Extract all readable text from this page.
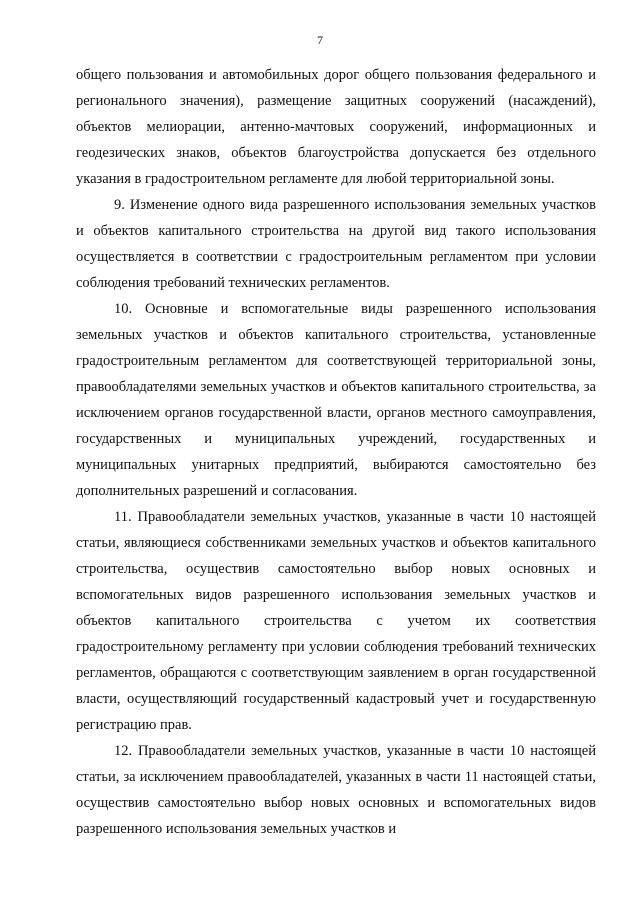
7

общего пользования и автомобильных дорог общего пользования федерального и регионального значения), размещение защитных сооружений (насаждений), объектов мелиорации, антенно-мачтовых сооружений, информационных и геодезических знаков, объектов благоустройства допускается без отдельного указания в градостроительном регламенте для любой территориальной зоны.

9. Изменение одного вида разрешенного использования земельных участков и объектов капитального строительства на другой вид такого использования осуществляется в соответствии с градостроительным регламентом при условии соблюдения требований технических регламентов.

10. Основные и вспомогательные виды разрешенного использования земельных участков и объектов капитального строительства, установленные градостроительным регламентом для соответствующей территориальной зоны, правообладателями земельных участков и объектов капитального строительства, за исключением органов государственной власти, органов местного самоуправления, государственных и муниципальных учреждений, государственных и муниципальных унитарных предприятий, выбираются самостоятельно без дополнительных разрешений и согласования.

11. Правообладатели земельных участков, указанные в части 10 настоящей статьи, являющиеся собственниками земельных участков и объектов капитального строительства, осуществив самостоятельно выбор новых основных и вспомогательных видов разрешенного использования земельных участков и объектов капитального строительства с учетом их соответствия градостроительному регламенту при условии соблюдения требований технических регламентов, обращаются с соответствующим заявлением в орган государственной власти, осуществляющий государственный кадастровый учет и государственную регистрацию прав.

12. Правообладатели земельных участков, указанные в части 10 настоящей статьи, за исключением правообладателей, указанных в части 11 настоящей статьи, осуществив самостоятельно выбор новых основных и вспомогательных видов разрешенного использования земельных участков и
